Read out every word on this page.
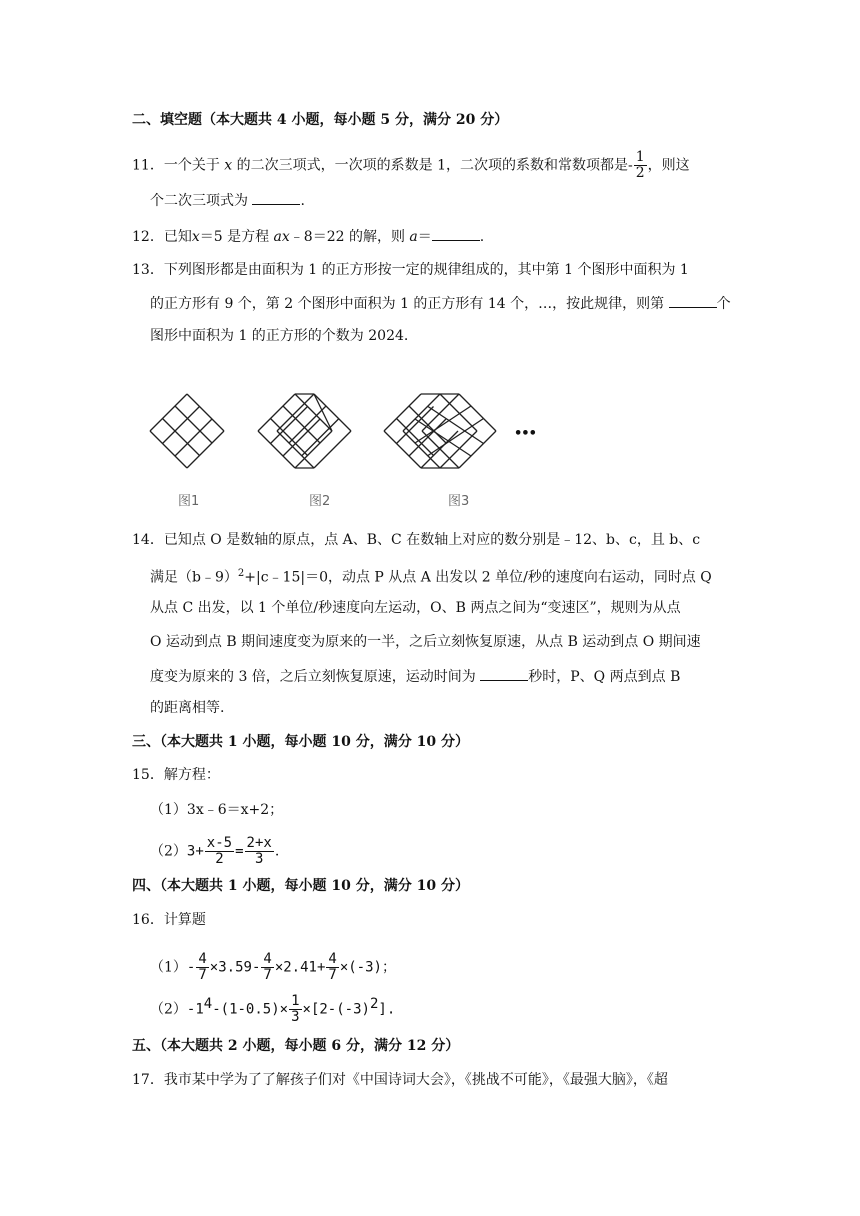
二、填空题（本大题共 4 小题，每小题 5 分，满分 20 分）
11．一个关于 x 的二次三项式，一次项的系数是 1，二次项的系数和常数项都是- $\frac{1}{2}$ ，则这
个二次三项式为	.
12．已知x＝5 是方程 ax﹣8＝22 的解，则 a＝	.
13．下列图形都是由面积为 1 的正方形按一定的规律组成的，其中第 1 个图形中面积为 1
的正方形有 9 个，第 2 个图形中面积为 1 的正方形有 14 个，…，按此规律，则第	个
图形中面积为 1 的正方形的个数为 2024.
•••
图1	图2	图3
14．已知点 O 是数轴的原点，点 A、B、C 在数轴上对应的数分别是﹣12、b、c，且 b、c
满足（b﹣9）$^2$+|c﹣15|＝0，动点 P 从点 A 出发以 2 单位/秒的速度向右运动，同时点 Q
从点 C 出发，以 1 个单位/秒速度向左运动，O、B 两点之间为“变速区”，规则为从点
O 运动到点 B 期间速度变为原来的一半，之后立刻恢复原速，从点 B 运动到点 O 期间速
度变为原来的 3 倍，之后立刻恢复原速，运动时间为	秒时，P、Q 两点到点 B
的距离相等.
三、（本大题共 1 小题，每小题 10 分，满分 10 分）
15．解方程：
（1）3x﹣6＝x+2；
$(2)3+ \frac{x-5}{2} = \frac{2+x}{3}$ .
四、（本大题共 1 小题，每小题 10 分，满分 10 分）
16．计算题
$(1)- \frac{4}{7} \times 3.59- \frac{4}{7} \times 2.41+ \frac{4}{7} \times(-3)$；
$(2)-1^4-(1-0.5)\times \frac{1}{3} \times[2-(-3)^2]$.
五、（本大题共 2 小题，每小题 6 分，满分 12 分）
17．我市某中学为了了解孩子们对《中国诗词大会》，《挑战不可能》，《最强大脑》，《超
